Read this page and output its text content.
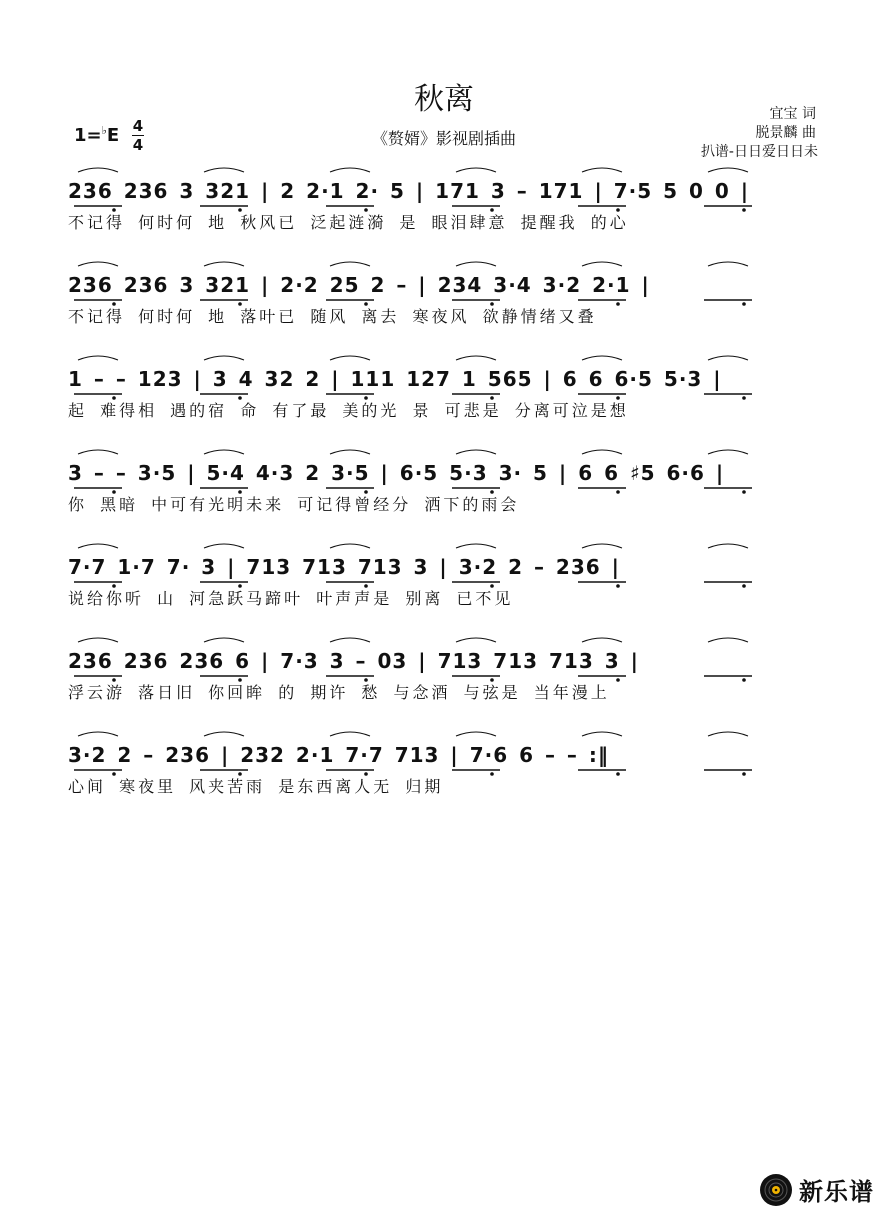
秋离
《赘婿》影视剧插曲
1=♭E 4
4
宜宝 词
脱景麟 曲
扒谱-日日爱日日未
236 236 3 321 | 2 2·1 2· 5 | 171 3 – 171 | 7·5 5 0 0 |
不记得 何时何 地 秋风已 泛起涟漪 是 眼泪肆意 提醒我 的心
236 236 3 321 | 2·2 25 2 – | 234 3·4 3·2 2·1 |
不记得 何时何 地 落叶已 随风 离去 寒夜风 欲静情绪又叠
1 – – 123 | 3 4 32 2 | 111 127 1 565 | 6 6 6·5 5·3 |
起 难得相 遇的宿 命 有了最 美的光 景 可悲是 分离可泣是想
3 – – 3·5 | 5·4 4·3 2 3·5 | 6·5 5·3 3· 5 | 6 6 ♯5 6·6 |
你 黑暗 中可有光明未来 可记得曾经分 洒下的雨会
7·7 1·7 7· 3 | 713 713 713 3 | 3·2 2 – 236 |
说给你听 山 河急跃马蹄叶 叶声声是 别离 已不见
236 236 236 6 | 7·3 3 – 03 | 713 713 713 3 |
浮云游 落日旧 你回眸 的 期许 愁 与念酒 与弦是 当年漫上
3·2 2 – 236 | 232 2·1 7·7 713 | 7·6 6 – – :‖
心间 寒夜里 风夹苦雨 是东西离人无 归期
新乐谱
